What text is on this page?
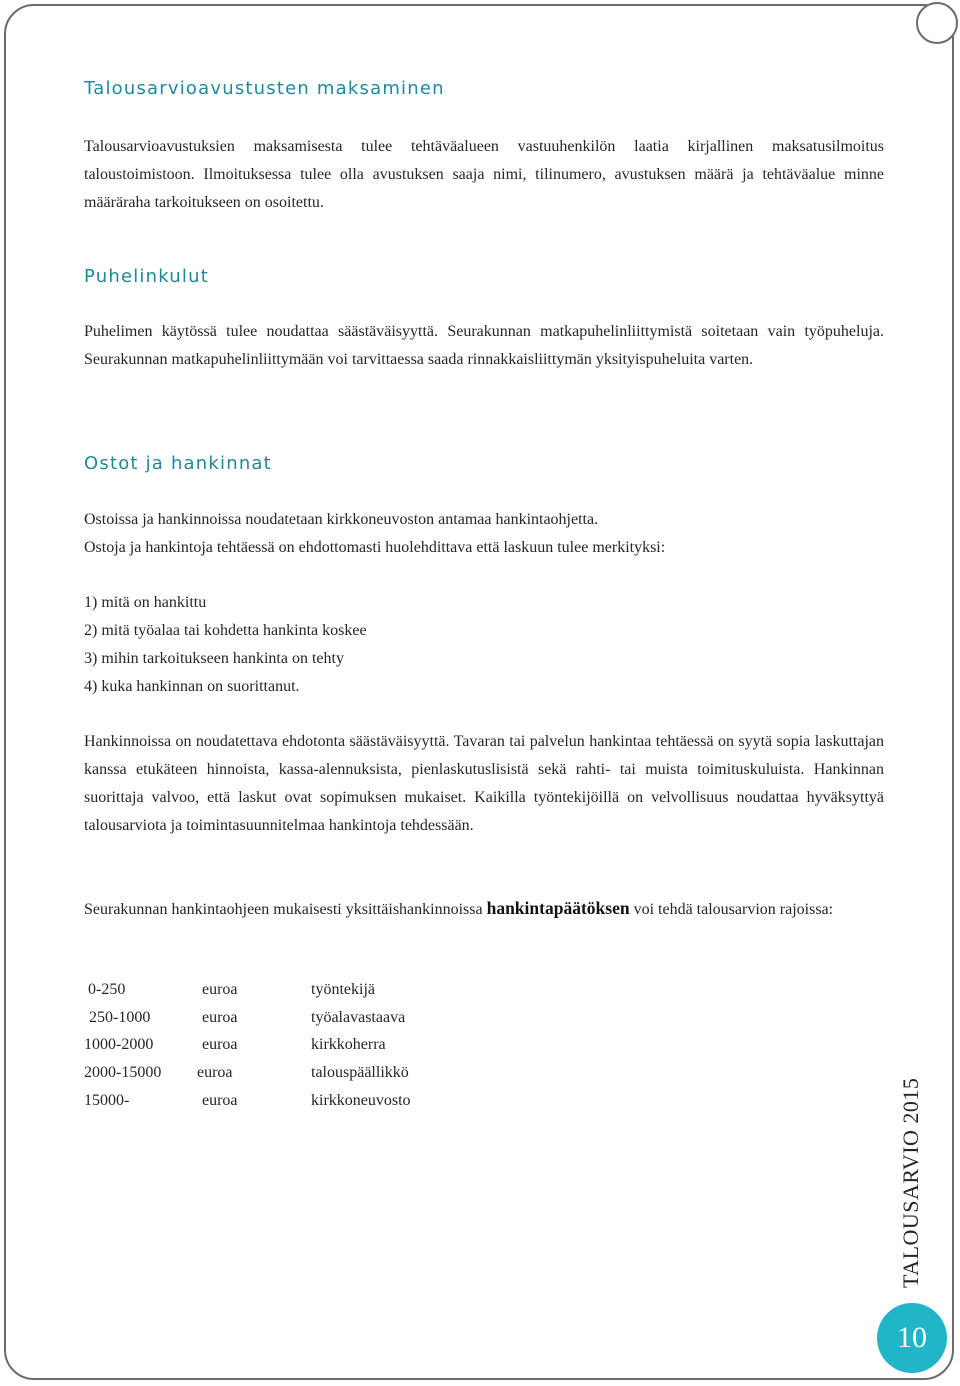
Talousarvioavustusten maksaminen

Talousarvioavustuksien maksamisesta tulee tehtäväalueen vastuuhenkilön laatia kirjallinen maksatusilmoitus taloustoimistoon. Ilmoituksessa tulee olla avustuksen saaja nimi, tilinumero, avustuksen määrä ja tehtäväalue minne määräraha tarkoitukseen on osoitettu.

Puhelinkulut

Puhelimen käytössä tulee noudattaa säästäväisyyttä. Seurakunnan matkapuhelinliittymistä soitetaan vain työpuheluja. Seurakunnan matkapuhelinliittymään voi tarvittaessa saada rinnakkaisliittymän yksityispuheluita varten.

Ostot ja hankinnat

Ostoissa ja hankinnoissa noudatetaan kirkkoneuvoston antamaa hankintaohjetta.

Ostoja ja hankintoja tehtäessä on ehdottomasti huolehdittava että laskuun tulee merkityksi:

1) mitä on hankittu

2) mitä työalaa tai kohdetta hankinta koskee

3) mihin tarkoitukseen hankinta on tehty

4) kuka hankinnan on suorittanut.

Hankinnoissa on noudatettava ehdotonta säästäväisyyttä. Tavaran tai palvelun hankintaa tehtäessä on syytä sopia laskuttajan kanssa etukäteen hinnoista, kassa-alennuksista, pienlaskutuslisistä sekä rahti- tai muista toimituskuluista. Hankinnan suorittaja valvoo, että laskut ovat sopimuksen mukaiset. Kaikilla työntekijöillä on velvollisuus noudattaa hyväksyttyä talousarviota ja toimintasuunnitelmaa hankintoja tehdessään.

Seurakunnan hankintaohjeen mukaisesti yksittäishankinnoissa hankintapäätöksen voi tehdä talousarvion rajoissa:

0-250	euroa	työntekijä
250-1000	euroa	työalavastaava
1000-2000	euroa	kirkkoherra
2000-15000 euroa	talouspäällikkö
15000-	euroa	kirkkoneuvosto	TALOUSARVIO 2015
10
